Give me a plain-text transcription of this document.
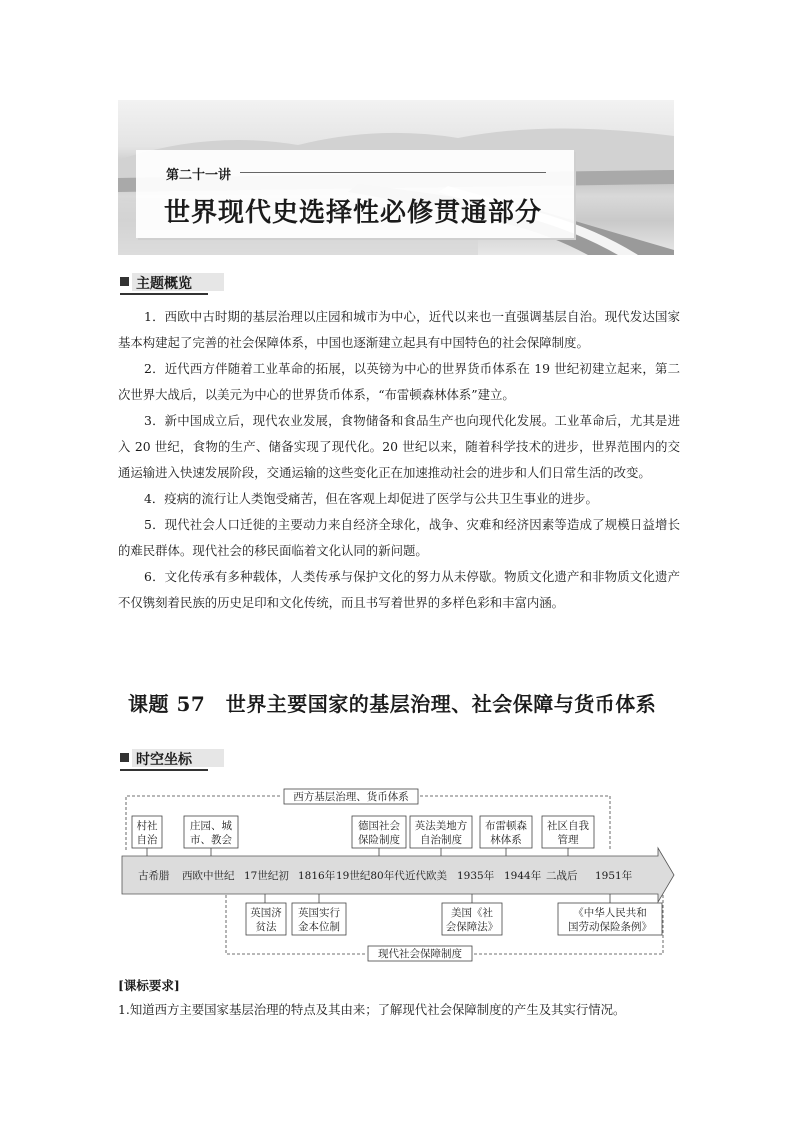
第二十一讲
世界现代史选择性必修贯通部分
主题概览

1．西欧中古时期的基层治理以庄园和城市为中心，近代以来也一直强调基层自治。现代发达国家基本构建起了完善的社会保障体系，中国也逐渐建立起具有中国特色的社会保障制度。

2．近代西方伴随着工业革命的拓展，以英镑为中心的世界货币体系在 19 世纪初建立起来，第二次世界大战后，以美元为中心的世界货币体系，“布雷顿森林体系”建立。

3．新中国成立后，现代农业发展，食物储备和食品生产也向现代化发展。工业革命后，尤其是进入 20 世纪，食物的生产、储备实现了现代化。20 世纪以来，随着科学技术的进步，世界范围内的交通运输进入快速发展阶段，交通运输的这些变化正在加速推动社会的进步和人们日常生活的改变。

4．疫病的流行让人类饱受痛苦，但在客观上却促进了医学与公共卫生事业的进步。

5．现代社会人口迁徙的主要动力来自经济全球化，战争、灾难和经济因素等造成了规模日益增长的难民群体。现代社会的移民面临着文化认同的新问题。

6．文化传承有多种载体，人类传承与保护文化的努力从未停歇。物质文化遗产和非物质文化遗产不仅镌刻着民族的历史足印和文化传统，而且书写着世界的多样色彩和丰富内涵。

课题 57　世界主要国家的基层治理、社会保障与货币体系
时空坐标
西方基层治理、货币体系
现代社会保障制度
古希腊 西欧中世纪 17世纪初 1816年 19世纪80年代 近代欧美 1935年 1944年 二战后 1951年
村社
自治
庄园、城
市、教会
德国社会
保险制度
英法美地方
自治制度
布雷顿森
林体系
社区自我
管理
英国济
贫法
英国实行
金本位制
美国《社
会保障法》
《中华人民共和
国劳动保险条例》
[课标要求]
1.知道西方主要国家基层治理的特点及其由来；了解现代社会保障制度的产生及其实行情况。
